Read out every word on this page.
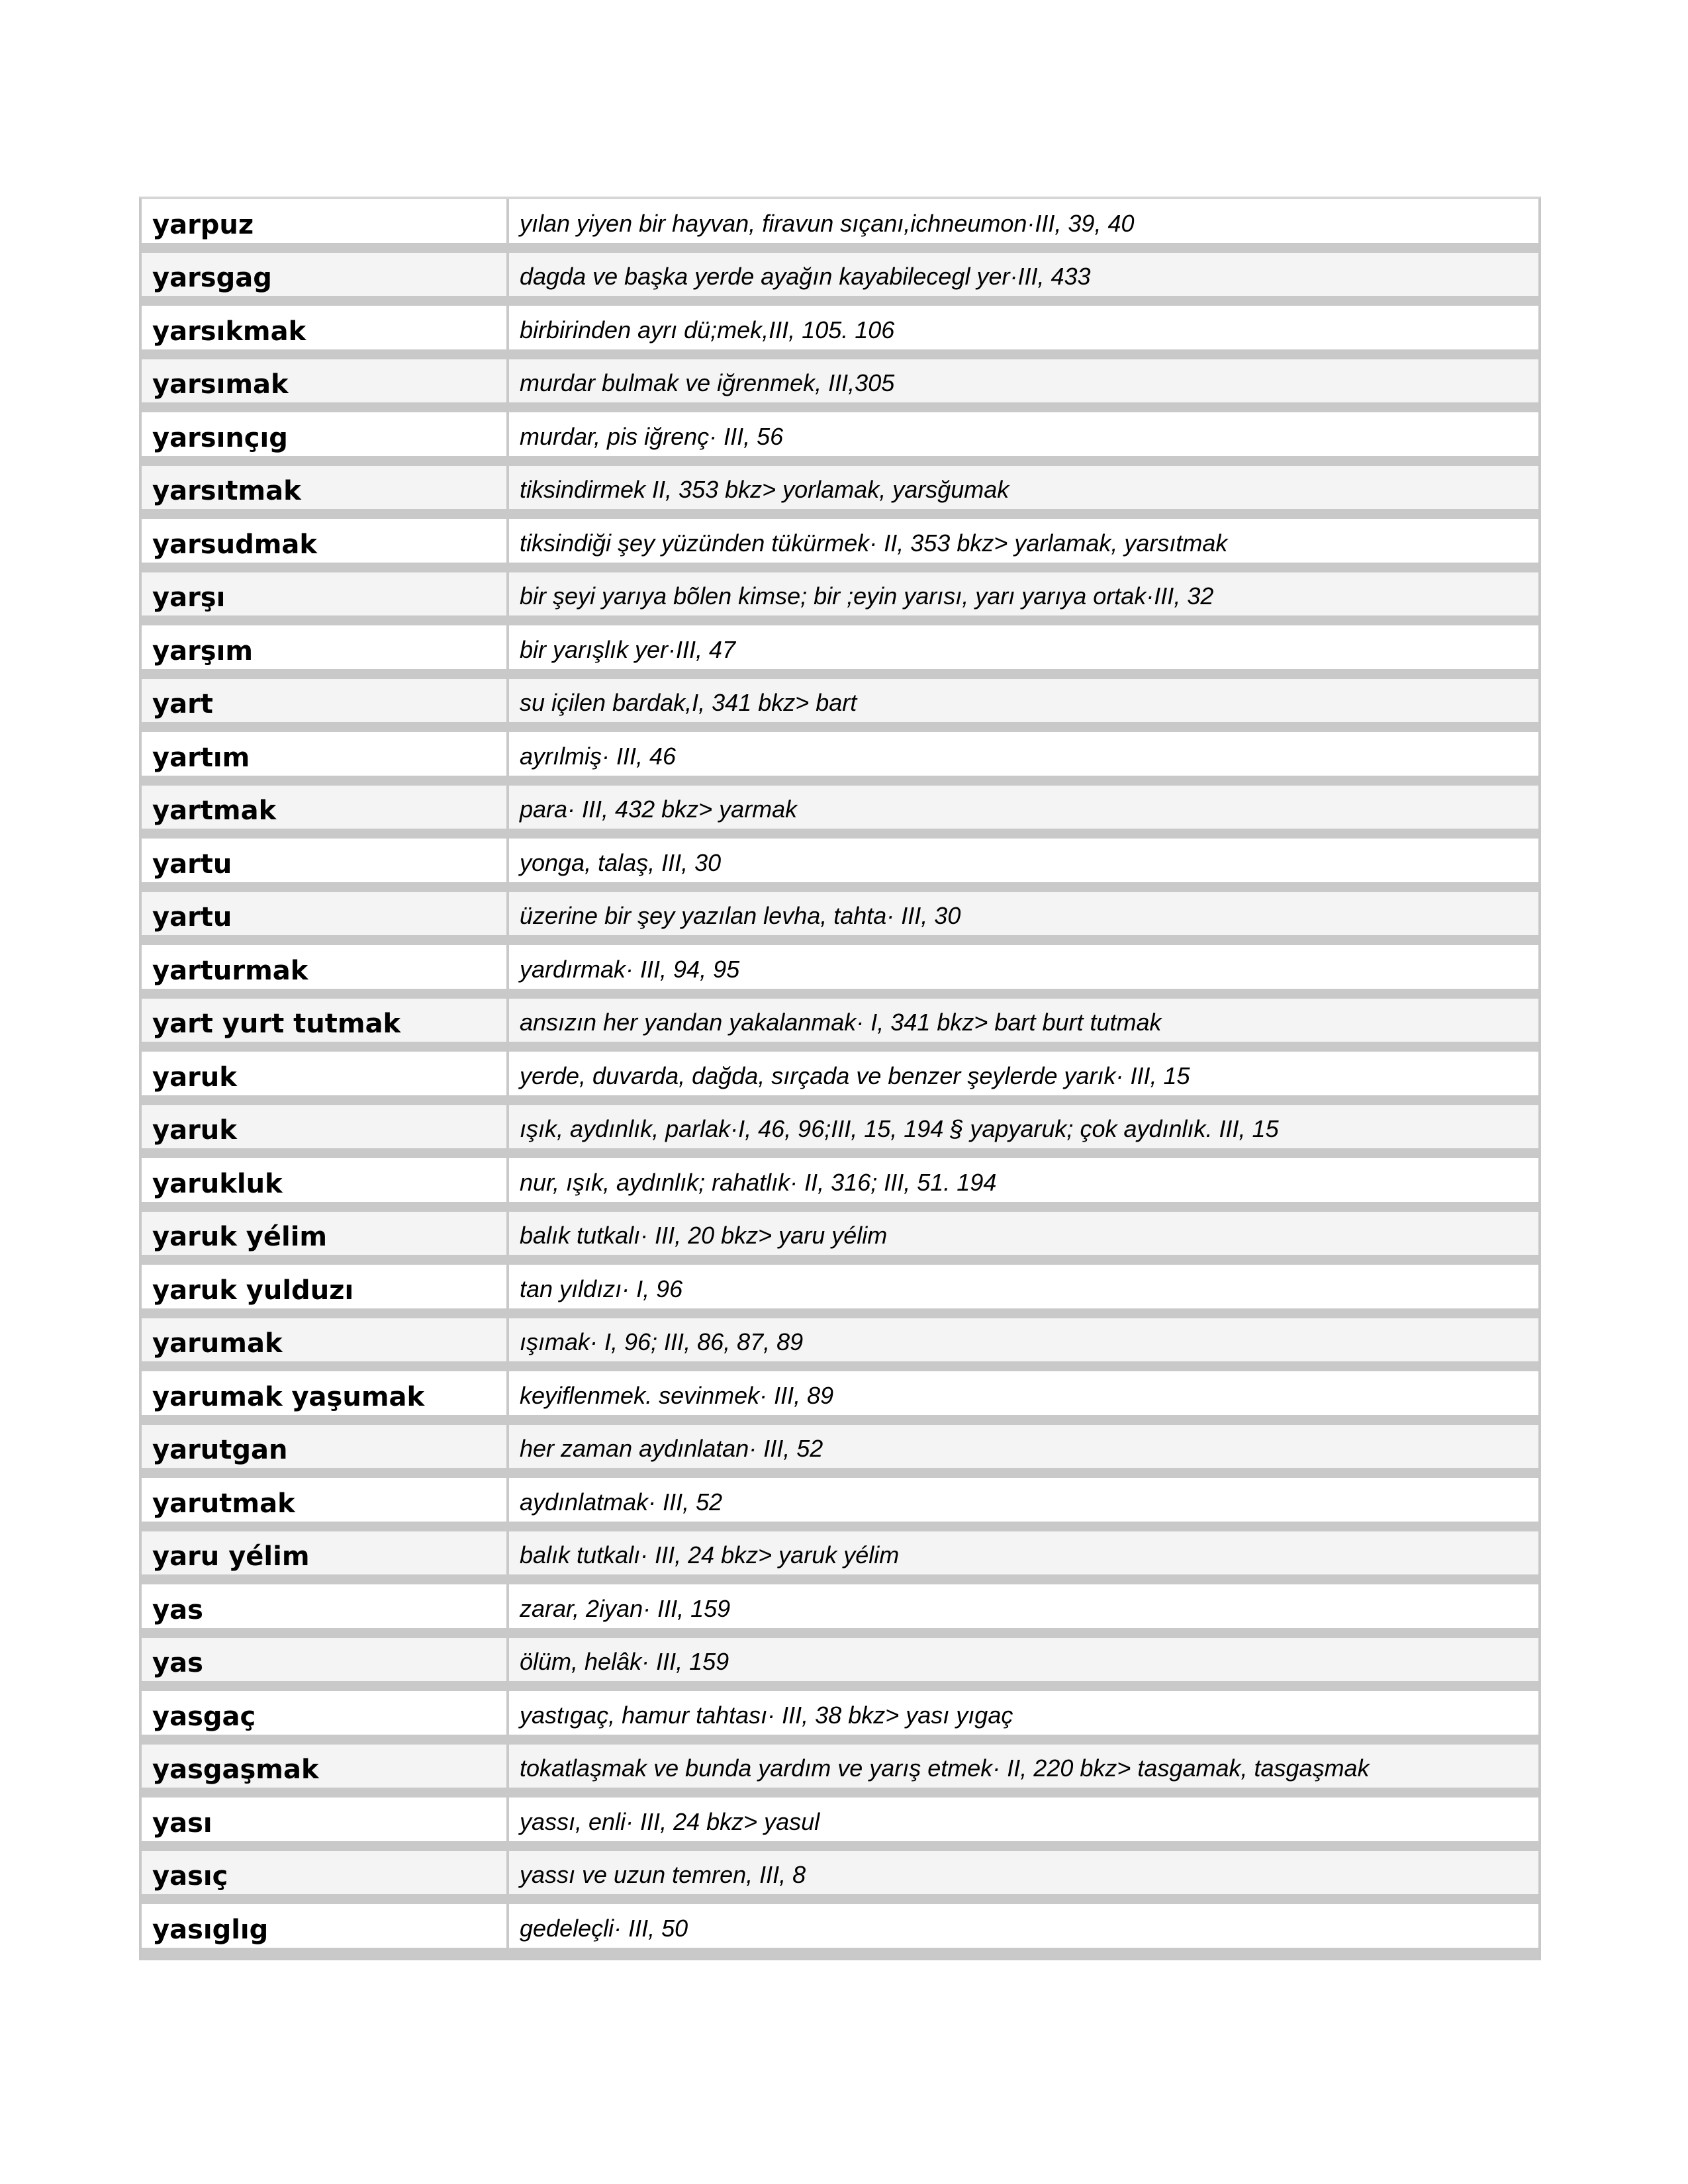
yarpuz	yılan yiyen bir hayvan, firavun sıçanı,ichneumon·III, 39, 40
yarsgag	dagda ve başka yerde ayağın kayabilecegl yer·III, 433
yarsıkmak	birbirinden ayrı dü;mek,III, 105. 106
yarsımak	murdar bulmak ve iğrenmek, III,305
yarsınçıg	murdar, pis iğrenç· III, 56
yarsıtmak	tiksindirmek II, 353 bkz> yorlamak, yarsğumak
yarsudmak	tiksindiği şey yüzünden tükürmek· II, 353 bkz> yarlamak, yarsıtmak
yarşı	bir şeyi yarıya bõlen kimse; bir ;eyin yarısı, yarı yarıya ortak·III, 32
yarşım	bir yarışlık yer·III, 47
yart	su içilen bardak,I, 341 bkz> bart
yartım	ayrılmiş· III, 46
yartmak	para· III, 432 bkz> yarmak
yartu	yonga, talaş, III, 30
yartu	üzerine bir şey yazılan levha, tahta· III, 30
yarturmak	yardırmak· III, 94, 95
yart yurt tutmak	ansızın her yandan yakalanmak· I, 341 bkz> bart burt tutmak
yaruk	yerde, duvarda, dağda, sırçada ve benzer şeylerde yarık· III, 15
yaruk	ışık, aydınlık, parlak·I, 46, 96;III, 15, 194 § yapyaruk; çok aydınlık. III, 15
yarukluk	nur, ışık, aydınlık; rahatlık· II, 316; III, 51. 194
yaruk yélim	balık tutkalı· III, 20 bkz> yaru yélim
yaruk yulduzı	tan yıldızı· I, 96
yarumak	ışımak· I, 96; III, 86, 87, 89
yarumak yaşumak	keyiflenmek. sevinmek· III, 89
yarutgan	her zaman aydınlatan· III, 52
yarutmak	aydınlatmak· III, 52
yaru yélim	balık tutkalı· III, 24 bkz> yaruk yélim
yas	zarar, 2iyan· III, 159
yas	ölüm, helâk· III, 159
yasgaç	yastıgaç, hamur tahtası· III, 38 bkz> yası yıgaç
yasgaşmak	tokatlaşmak ve bunda yardım ve yarış etmek· II, 220 bkz> tasgamak, tasgaşmak
yası	yassı, enli· III, 24 bkz> yasul
yasıç	yassı ve uzun temren, III, 8
yasıglıg	gedeleçli· III, 50
